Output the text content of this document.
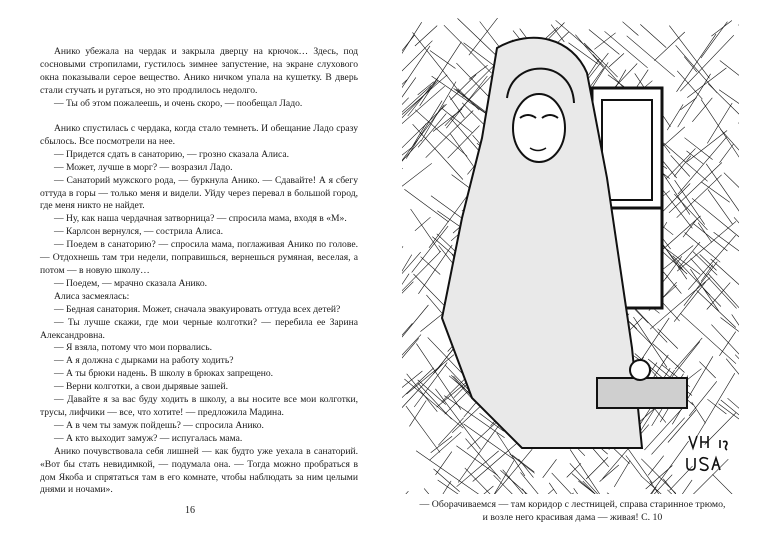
Анико убежала на чердак и закрыла дверцу на крючок… Здесь, под сосновыми стропилами, густилось зимнее запустение, на экране слухового окна показывали серое вещество. Анико ничком упала на кушетку. В дверь стали стучать и ругаться, но это продлилось недолго.

— Ты об этом пожалеешь, и очень скоро, — пообещал Ладо.

Анико спустилась с чердака, когда стало темнеть. И обещание Ладо сразу сбылось. Все посмотрели на нее.

— Придется сдать в санаторию, — грозно сказала Алиса.

— Может, лучше в морг? — возразил Ладо.

— Санаторий мужского рода, — буркнула Анико. — Сдавайте! А я сбегу оттуда в горы — только меня и видели. Уйду через перевал в большой город, где меня никто не найдет.

— Ну, как наша чердачная затворница? — спросила мама, входя в «М».

— Карлсон вернулся, — сострила Алиса.

— Поедем в санаторию? — спросила мама, поглаживая Анико по голове. — Отдохнешь там три недели, поправишься, вернешься румяная, веселая, а потом — в новую школу…

— Поедем, — мрачно сказала Анико.

Алиса засмеялась:

— Бедная санатория. Может, сначала эвакуировать оттуда всех детей?

— Ты лучше скажи, где мои черные колготки? — перебила ее Зарина Александровна.

— Я взяла, потому что мои порвались.

— А я должна с дырками на работу ходить?

— А ты брюки надень. В школу в брюках запрещено.

— Верни колготки, а свои дырявые зашей.

— Давайте я за вас буду ходить в школу, а вы носите все мои колготки, трусы, лифчики — все, что хотите! — предложила Мадина.

— А в чем ты замуж пойдешь? — спросила Анико.

— А кто выходит замуж? — испугалась мама.

Анико почувствовала себя лишней — как будто уже уехала в санаторий. «Вот бы стать невидимкой, — подумала она. — Тогда можно пробраться в дом Якоба и спрятаться там в его комнате, чтобы наблюдать за ним целыми днями и ночами».

16
— Оборачиваемся — там коридор с лестницей, справа старинное трюмо,
и возле него красивая дама — живая! С. 10
